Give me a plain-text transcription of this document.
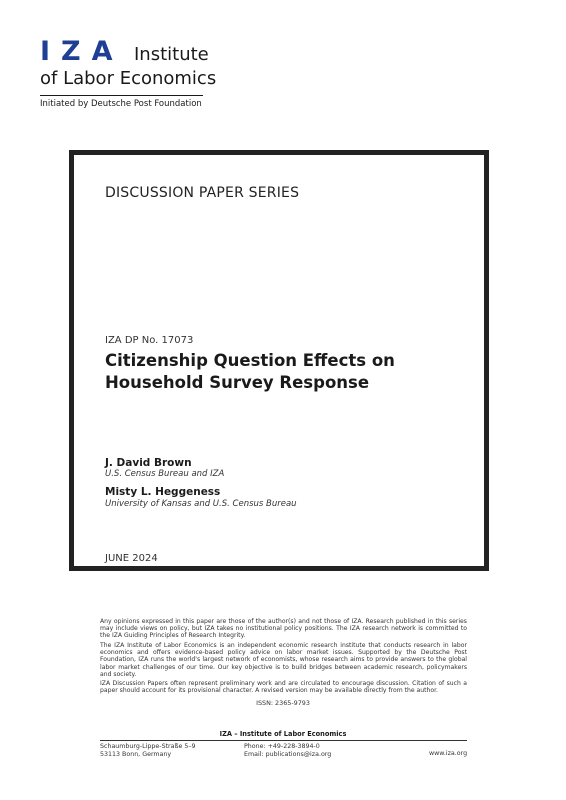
IZA Institute
of Labor Economics
Initiated by Deutsche Post Foundation
DISCUSSION PAPER SERIES
IZA DP No. 17073
Citizenship Question Effects on Household Survey Response
J. David Brown
U.S. Census Bureau and IZA
Misty L. Heggeness
University of Kansas and U.S. Census Bureau
JUNE 2024

Any opinions expressed in this paper are those of the author(s) and not those of IZA. Research published in this series may include views on policy, but IZA takes no institutional policy positions. The IZA research network is committed to the IZA Guiding Principles of Research Integrity.

The IZA Institute of Labor Economics is an independent economic research institute that conducts research in labor economics and offers evidence-based policy advice on labor market issues. Supported by the Deutsche Post Foundation, IZA runs the world's largest network of economists, whose research aims to provide answers to the global labor market challenges of our time. Our key objective is to build bridges between academic research, policymakers and society.

IZA Discussion Papers often represent preliminary work and are circulated to encourage discussion. Citation of such a paper should account for its provisional character. A revised version may be available directly from the author.

ISSN: 2365-9793
IZA – Institute of Labor Economics
Schaumburg-Lippe-Straße 5–9
53113 Bonn, Germany
Phone: +49-228-3894-0
Email: publications@iza.org	www.iza.org
